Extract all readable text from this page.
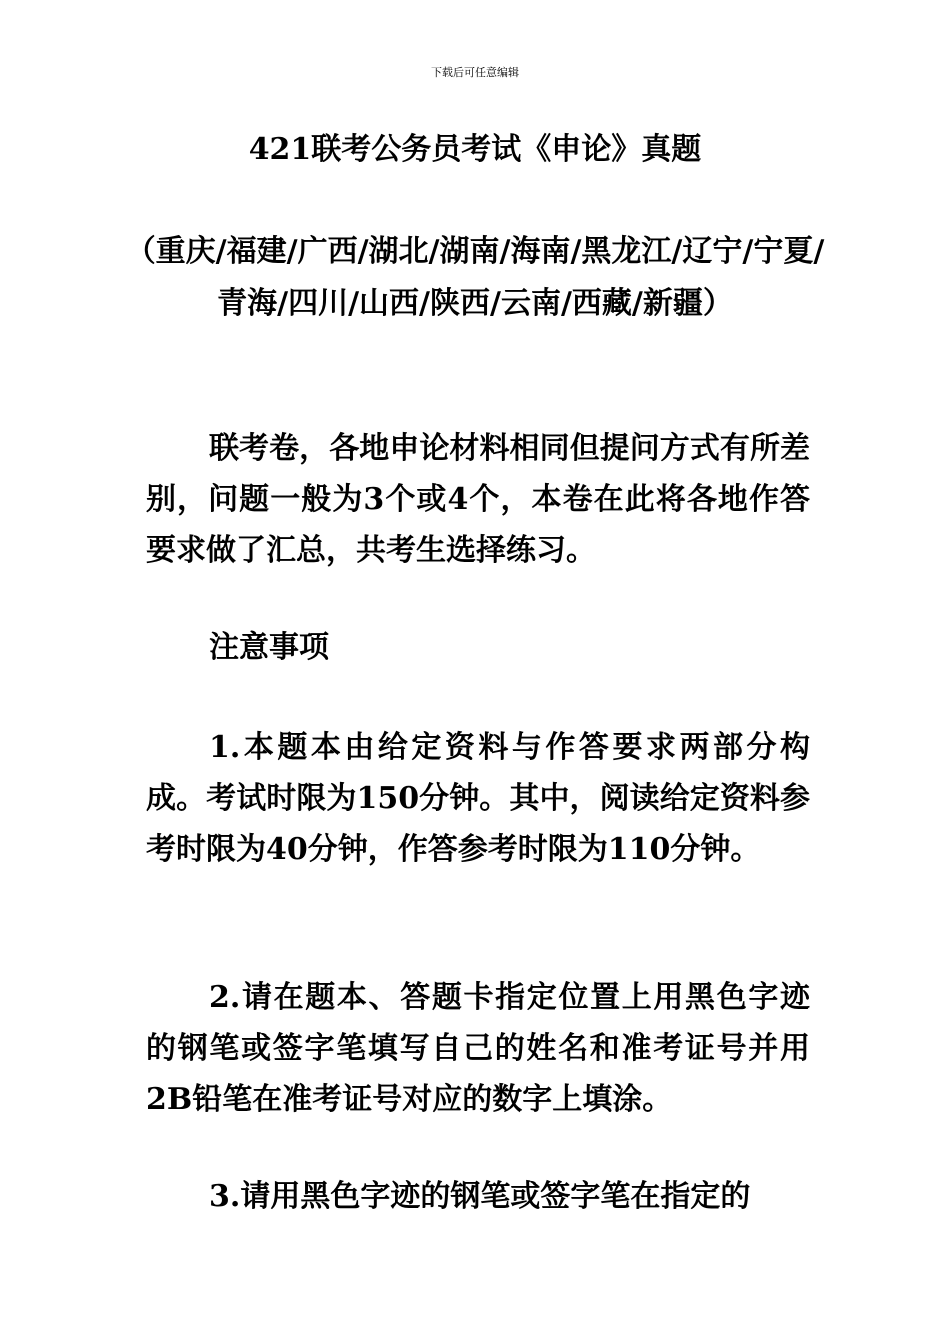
下载后可任意编辑
421联考公务员考试《申论》真题
（重庆/福建/广西/湖北/湖南/海南/黑龙江/辽宁/宁夏/青海/四川/山西/陕西/云南/西藏/新疆）

联考卷，各地申论材料相同但提问方式有所差别，问题一般为3个或4个，本卷在此将各地作答要求做了汇总，共考生选择练习。

注意事项

1.本题本由给定资料与作答要求两部分构成。考试时限为150分钟。其中，阅读给定资料参考时限为40分钟，作答参考时限为110分钟。

2.请在题本、答题卡指定位置上用黑色字迹的钢笔或签字笔填写自己的姓名和准考证号并用2B铅笔在准考证号对应的数字上填涂。

3.请用黑色字迹的钢笔或签字笔在指定的
